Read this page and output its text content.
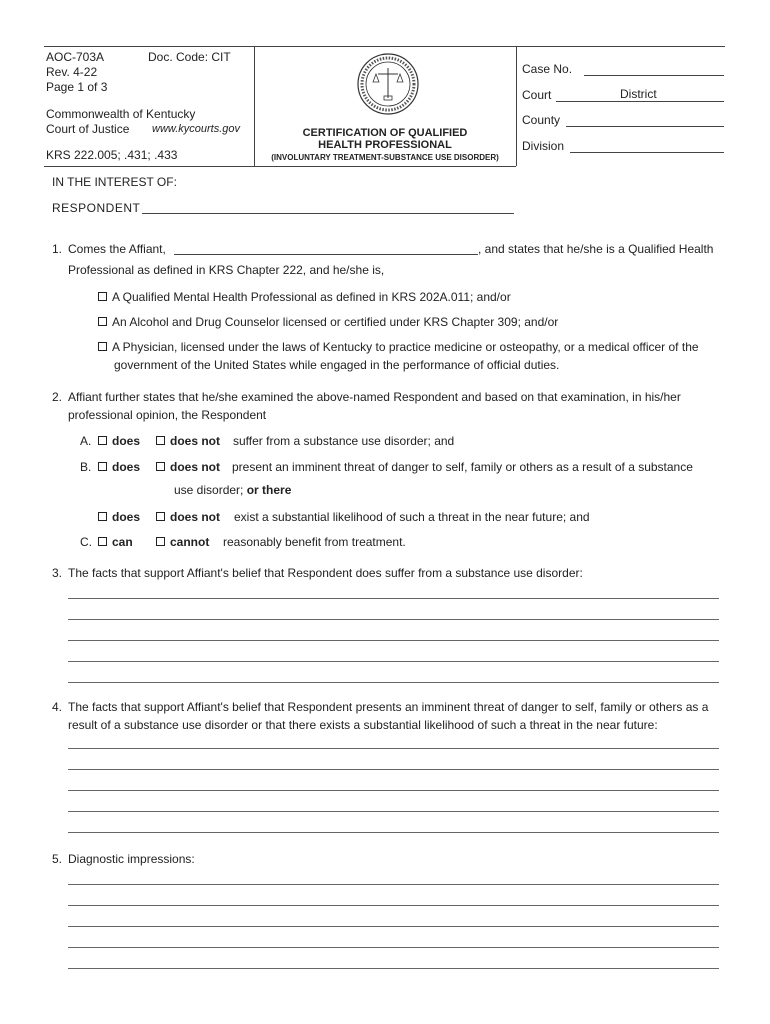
AOC-703A	Doc. Code: CIT
Rev. 4-22
Page 1 of 3
Commonwealth of Kentucky
Court of Justice www.kycourts.gov
KRS 222.005; .431; .433
CERTIFICATION OF QUALIFIED
HEALTH PROFESSIONAL
(INVOLUNTARY TREATMENT-SUBSTANCE USE DISORDER)
Case No.
Court	District
County
Division
IN THE INTEREST OF:
RESPONDENT
1. Comes the Affiant,	, and states that he/she is a Qualified Health
Professional as defined in KRS Chapter 222, and he/she is,
A Qualified Mental Health Professional as defined in KRS 202A.011; and/or
An Alcohol and Drug Counselor licensed or certified under KRS Chapter 309; and/or
A Physician, licensed under the laws of Kentucky to practice medicine or osteopathy, or a medical officer of the
government of the United States while engaged in the performance of official duties.
2. Affiant further states that he/she examined the above-named Respondent and based on that examination, in his/her
professional opinion, the Respondent
A.	does	does not suffer from a substance use disorder; and
B.	does	does not present an imminent threat of danger to self, family or others as a result of a substance
use disorder; or there
does	does not exist a substantial likelihood of such a threat in the near future; and
C.	can	cannot reasonably benefit from treatment.
3. The facts that support Affiant's belief that Respondent does suffer from a substance use disorder:
4. The facts that support Affiant's belief that Respondent presents an imminent threat of danger to self, family or others as a
result of a substance use disorder or that there exists a substantial likelihood of such a threat in the near future:
5. Diagnostic impressions:
